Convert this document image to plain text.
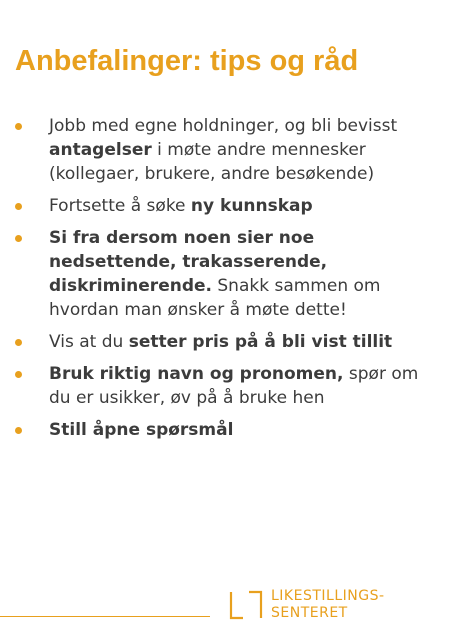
Anbefalinger: tips og råd
Jobb med egne holdninger, og bli bevisst antagelser i møte andre mennesker (kollegaer, brukere, andre besøkende)
Fortsette å søke ny kunnskap
Si fra dersom noen sier noe nedsettende, trakasserende, diskriminerende. Snakk sammen om hvordan man ønsker å møte dette!
Vis at du setter pris på å bli vist tillit
Bruk riktig navn og pronomen, spør om du er usikker, øv på å bruke hen
Still åpne spørsmål
LIKESTILLINGS-
SENTERET
